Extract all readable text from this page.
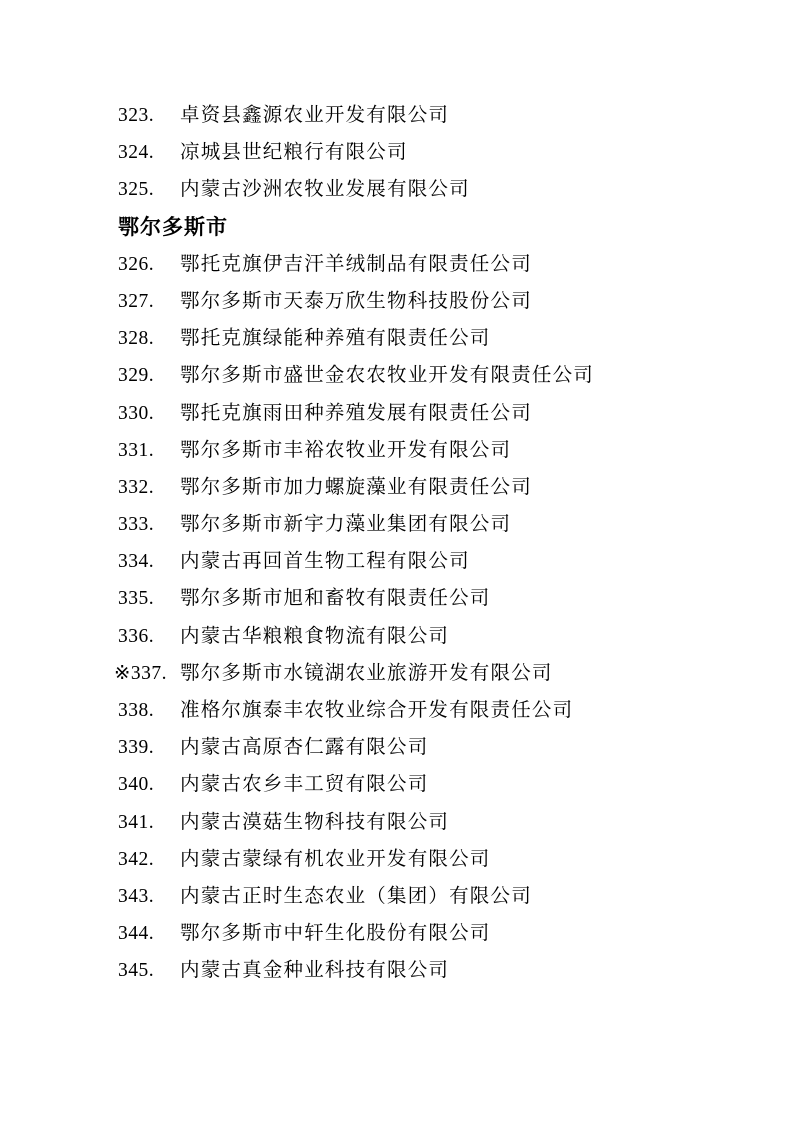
323. 卓资县鑫源农业开发有限公司
324. 凉城县世纪粮行有限公司
325. 内蒙古沙洲农牧业发展有限公司
鄂尔多斯市
326. 鄂托克旗伊吉汗羊绒制品有限责任公司
327. 鄂尔多斯市天泰万欣生物科技股份公司
328. 鄂托克旗绿能种养殖有限责任公司
329. 鄂尔多斯市盛世金农农牧业开发有限责任公司
330. 鄂托克旗雨田种养殖发展有限责任公司
331. 鄂尔多斯市丰裕农牧业开发有限公司
332. 鄂尔多斯市加力螺旋藻业有限责任公司
333. 鄂尔多斯市新宇力藻业集团有限公司
334. 内蒙古再回首生物工程有限公司
335. 鄂尔多斯市旭和畜牧有限责任公司
336. 内蒙古华粮粮食物流有限公司
※337. 鄂尔多斯市水镜湖农业旅游开发有限公司
338. 准格尔旗泰丰农牧业综合开发有限责任公司
339. 内蒙古高原杏仁露有限公司
340. 内蒙古农乡丰工贸有限公司
341. 内蒙古漠菇生物科技有限公司
342. 内蒙古蒙绿有机农业开发有限公司
343. 内蒙古正时生态农业（集团）有限公司
344. 鄂尔多斯市中轩生化股份有限公司
345. 内蒙古真金种业科技有限公司
